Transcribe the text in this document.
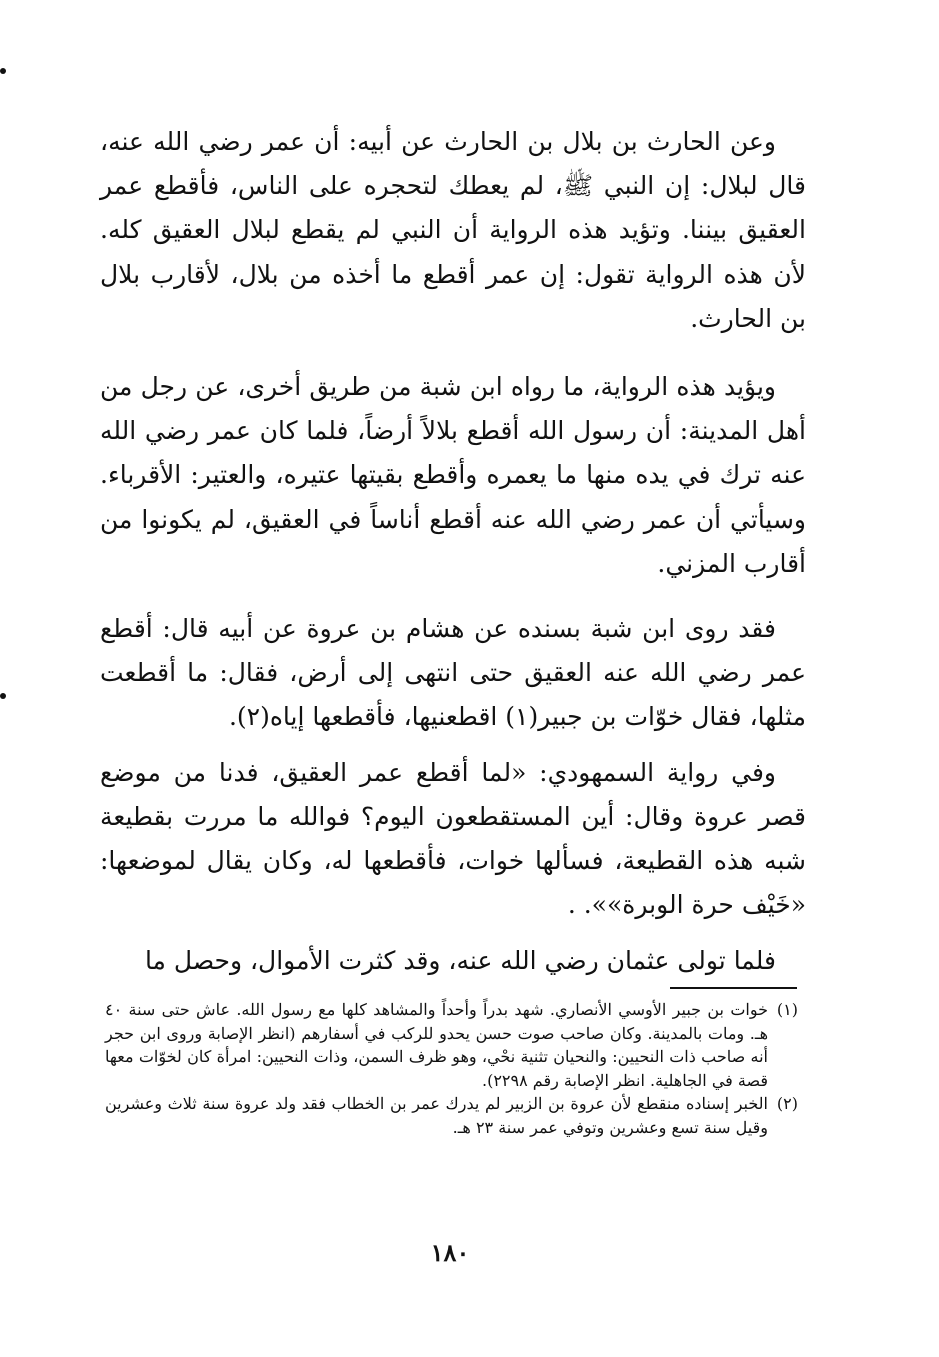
وعن الحارث بن بلال بن الحارث عن أبيه: أن عمر رضي الله عنه، قال لبلال: إن النبي ﷺ، لم يعطك لتحجره على الناس، فأقطع عمر العقيق بيننا. وتؤيد هذه الرواية أن النبي لم يقطع لبلال العقيق كله. لأن هذه الرواية تقول: إن عمر أقطع ما أخذه من بلال، لأقارب بلال بن الحارث.

ويؤيد هذه الرواية، ما رواه ابن شبة من طريق أخرى، عن رجل من أهل المدينة: أن رسول الله أقطع بلالاً أرضاً، فلما كان عمر رضي الله عنه ترك في يده منها ما يعمره وأقطع بقيتها عتيره، والعتير: الأقرباء. وسيأتي أن عمر رضي الله عنه أقطع أناساً في العقيق، لم يكونوا من أقارب المزني.

فقد روى ابن شبة بسنده عن هشام بن عروة عن أبيه قال: أقطع عمر رضي الله عنه العقيق حتى انتهى إلى أرض، فقال: ما أقطعت مثلها، فقال خوّات بن جبير(١) اقطعنيها، فأقطعها إياه(٢).

وفي رواية السمهودي: «لما أقطع عمر العقيق، فدنا من موضع قصر عروة وقال: أين المستقطعون اليوم؟ فوالله ما مررت بقطيعة شبه هذه القطيعة، فسألها خوات، فأقطعها له، وكان يقال لموضعها: «خَيْف حرة الوبرة»». .

فلما تولى عثمان رضي الله عنه، وقد كثرت الأموال، وحصل ما

(١)خوات بن جبير الأوسي الأنصاري. شهد بدراً وأحداً والمشاهد كلها مع رسول الله. عاش حتى سنة ٤٠ هـ. ومات بالمدينة. وكان صاحب صوت حسن يحدو للركب في أسفارهم (انظر الإصابة وروى ابن حجر أنه صاحب ذات النحيين: والنحيان تثنية نحْي، وهو ظرف السمن، وذات النحيين: امرأة كان لخوّات معها قصة في الجاهلية. انظر الإصابة رقم ٢٢٩٨).

(٢)الخبر إسناده منقطع لأن عروة بن الزبير لم يدرك عمر بن الخطاب فقد ولد عروة سنة ثلاث وعشرين وقيل سنة تسع وعشرين وتوفي عمر سنة ٢٣ هـ.

١٨٠
